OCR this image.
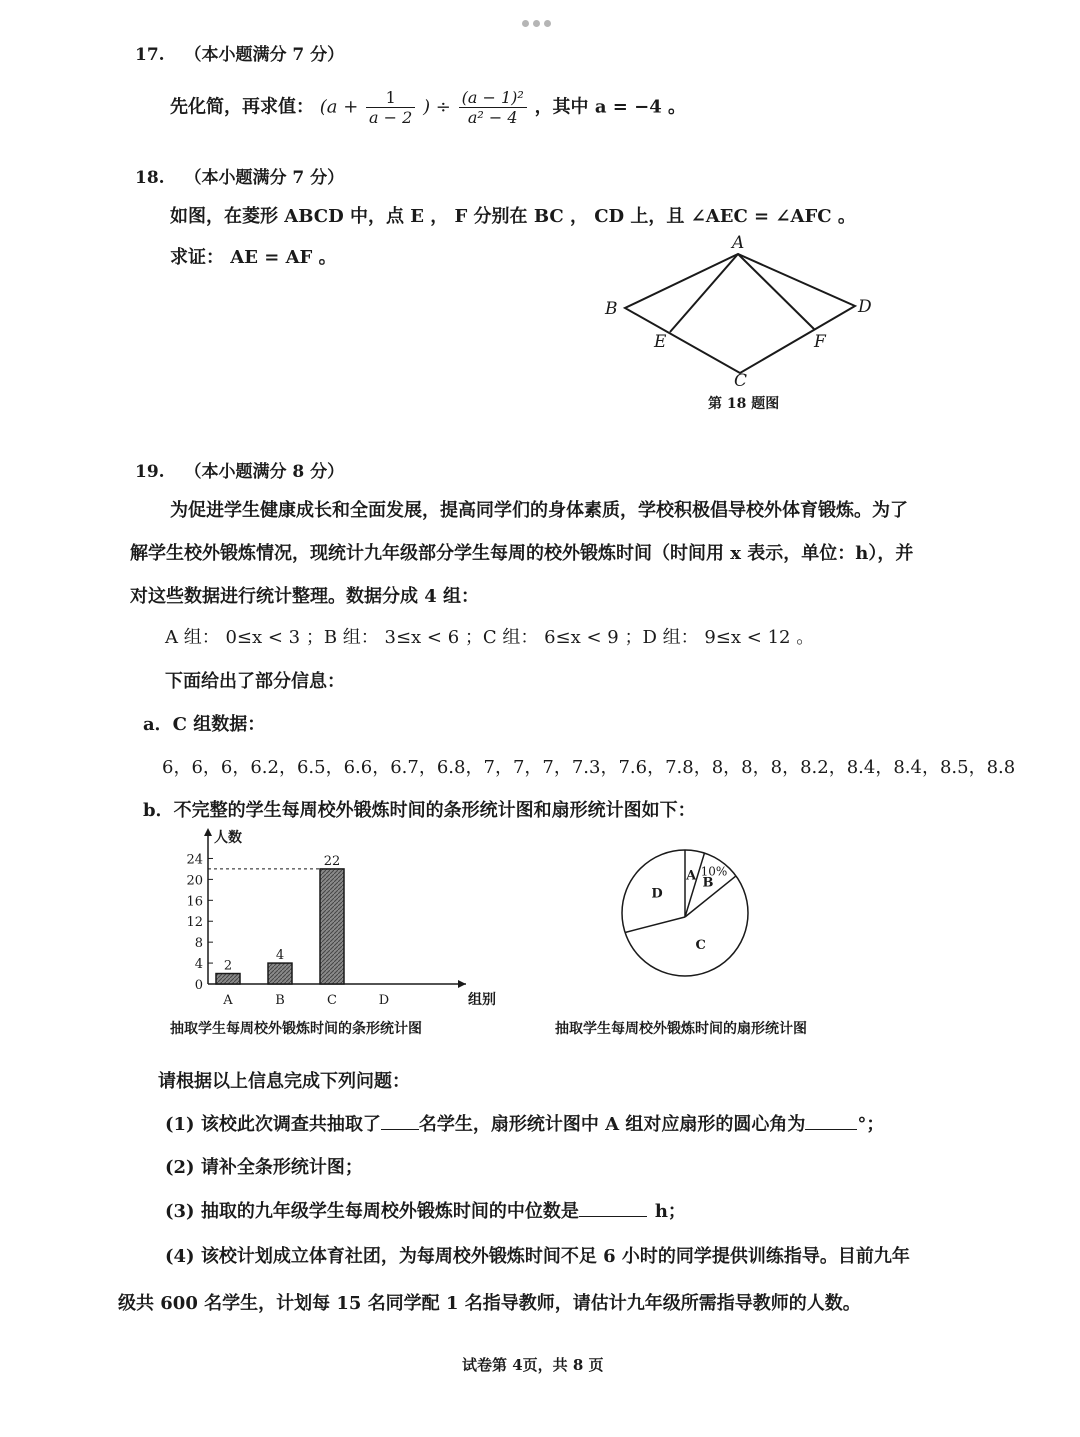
17. （本小题满分 7 分）
先化简，再求值： ($a + \frac{1}{a - 2}$ ) ÷ $\frac{\text{(a − 1)²}}{\text{a² − 4}}$ ，其中 a = −4 。
18. （本小题满分 7 分）
如图，在菱形 ABCD 中，点 E ， F 分别在 BC ， CD 上，且 ∠AEC = ∠AFC 。
求证： AE = AF 。
A
B
C
D
E	F
第 18 题图
19. （本小题满分 8 分）
为促进学生健康成长和全面发展，提高同学们的身体素质，学校积极倡导校外体育锻炼。为了
解学生校外锻炼情况，现统计九年级部分学生每周的校外锻炼时间（时间用 x 表示，单位：h），并
对这些数据进行统计整理。数据分成 4 组：
A 组： 0≤x < 3 ；B 组： 3≤x < 6 ；C 组： 6≤x < 9 ；D 组： 9≤x < 12 。
下面给出了部分信息：
a．C 组数据：
6，6，6，6.2，6.5，6.6，6.7，6.8，7，7，7，7.3，7.6，7.8，8，8，8，8.2，8.4，8.4，8.5，8.8
b．不完整的学生每周校外锻炼时间的条形统计图和扇形统计图如下：
人数
组别
0
4
8
12
16
20
24
2
A
4
B
22
C	D
抽取学生每周校外锻炼时间的条形统计图
A B
10%
C
D
抽取学生每周校外锻炼时间的扇形统计图
请根据以上信息完成下列问题：
(1) 该校此次调查共抽取了 名学生，扇形统计图中 A 组对应扇形的圆心角为	°；
(2) 请补全条形统计图；
(3) 抽取的九年级学生每周校外锻炼时间的中位数是	h；
(4) 该校计划成立体育社团，为每周校外锻炼时间不足 6 小时的同学提供训练指导。目前九年
级共 600 名学生，计划每 15 名同学配 1 名指导教师，请估计九年级所需指导教师的人数。
试卷第 4页，共 8 页
